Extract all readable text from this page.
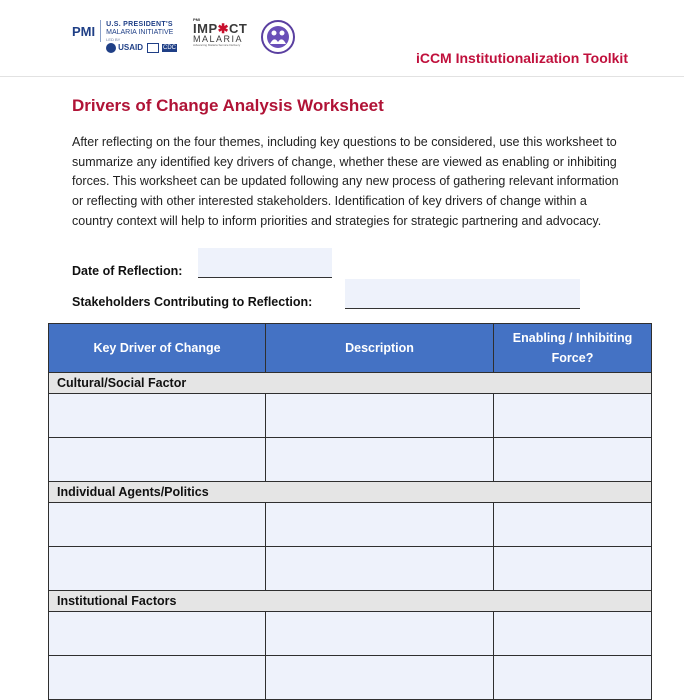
PMI U.S. PRESIDENT'S
MALARIA INITIATIVE
LED BY
USAID	CDC
PMI
IMP✱CT
MALARIA
Advancing Malaria Service Delivery
iCCM Institutionalization Toolkit
Drivers of Change Analysis Worksheet

After reflecting on the four themes, including key questions to be considered, use this worksheet to summarize any identified key drivers of change, whether these are viewed as enabling or inhibiting forces. This worksheet can be updated following any new process of gathering relevant information or reflecting with other interested stakeholders. Identification of key drivers of change within a country context will help to inform priorities and strategies for strategic partnering and advocacy.

Date of Reflection:
Stakeholders Contributing to Reflection:
Key Driver of Change	Description	Enabling / Inhibiting Force?
Cultural/Social Factor		

Individual Agents/Politics		

Institutional Factors		
